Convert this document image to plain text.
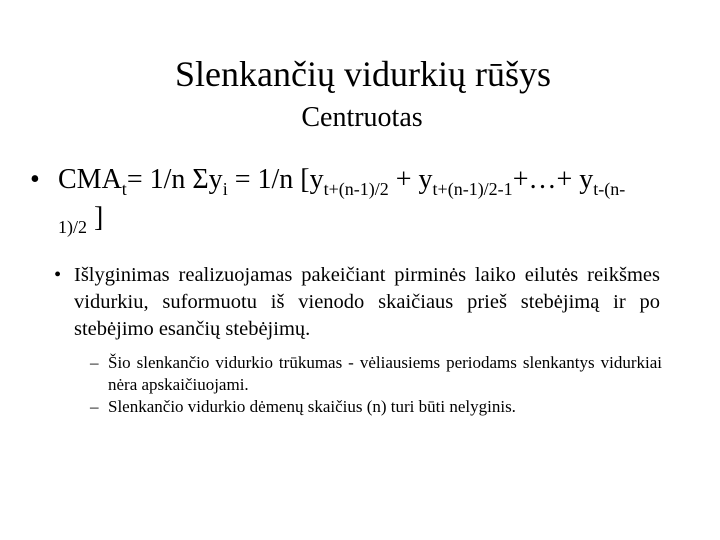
Slenkančių vidurkių rūšys
Centruotas
• $CMA_t= 1/n$ $\Sigma y_i = 1/n$ [$y_{t+(n-1)/2}$ + $y_{t+(n-1)/2-1}+\dots+ y_{t-(n-}$
$_{1)/2}$ ]
• Išlyginimas realizuojamas pakeičiant pirminės laiko eilutės reikšmes vidurkiu, suformuotu iš vienodo skaičiaus prieš stebėjimą ir po stebėjimo esančių stebėjimų.
– Šio slenkančio vidurkio trūkumas - vėliausiems periodams slenkantys vidurkiai nėra apskaičiuojami.
– Slenkančio vidurkio dėmenų skaičius (n) turi būti nelyginis.
